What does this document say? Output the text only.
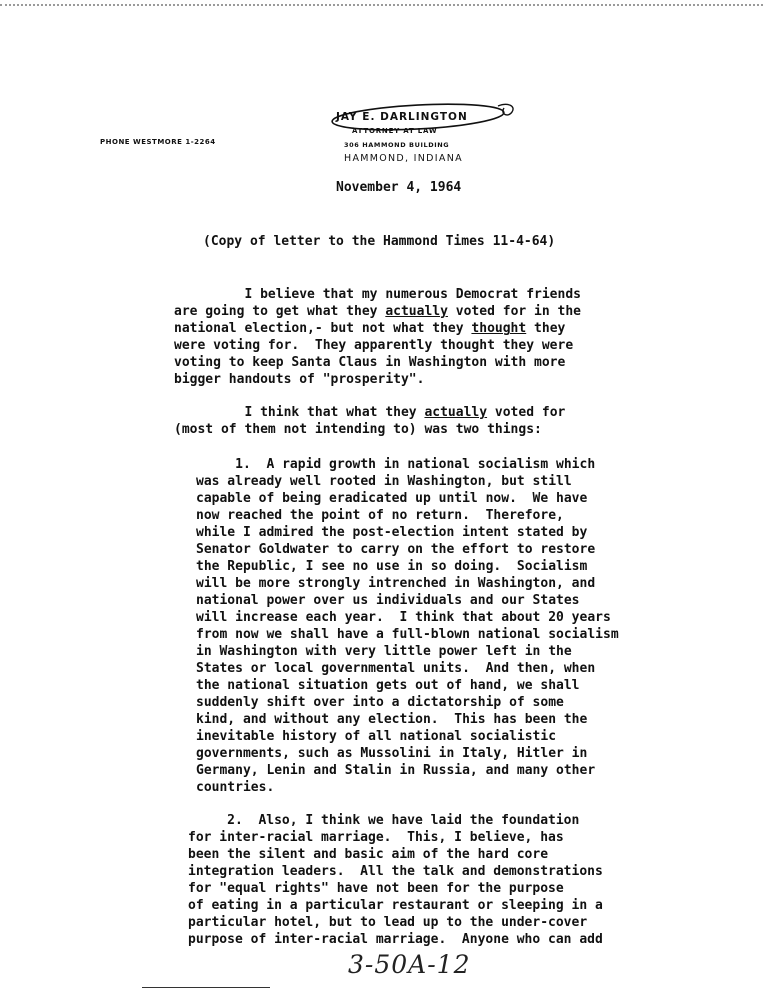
PHONE WESTMORE 1-2264
JAY E. DARLINGTON
ATTORNEY AT LAW
306 HAMMOND BUILDING
HAMMOND, INDIANA
November 4, 1964
(Copy of letter to the Hammond Times 11-4-64)
I believe that my numerous Democrat friends
are going to get what they actually voted for in the
national election,- but not what they thought they
were voting for.  They apparently thought they were
voting to keep Santa Claus in Washington with more
bigger handouts of "prosperity".
I think that what they actually voted for
(most of them not intending to) was two things:
1.  A rapid growth in national socialism which
was already well rooted in Washington, but still
capable of being eradicated up until now.  We have
now reached the point of no return.  Therefore,
while I admired the post-election intent stated by
Senator Goldwater to carry on the effort to restore
the Republic, I see no use in so doing.  Socialism
will be more strongly intrenched in Washington, and
national power over us individuals and our States
will increase each year.  I think that about 20 years
from now we shall have a full-blown national socialism
in Washington with very little power left in the
States or local governmental units.  And then, when
the national situation gets out of hand, we shall
suddenly shift over into a dictatorship of some
kind, and without any election.  This has been the
inevitable history of all national socialistic
governments, such as Mussolini in Italy, Hitler in
Germany, Lenin and Stalin in Russia, and many other
countries.
2.  Also, I think we have laid the foundation
for inter-racial marriage.  This, I believe, has
been the silent and basic aim of the hard core
integration leaders.  All the talk and demonstrations
for "equal rights" have not been for the purpose
of eating in a particular restaurant or sleeping in a
particular hotel, but to lead up to the under-cover
purpose of inter-racial marriage.  Anyone who can add
3-50A-12
